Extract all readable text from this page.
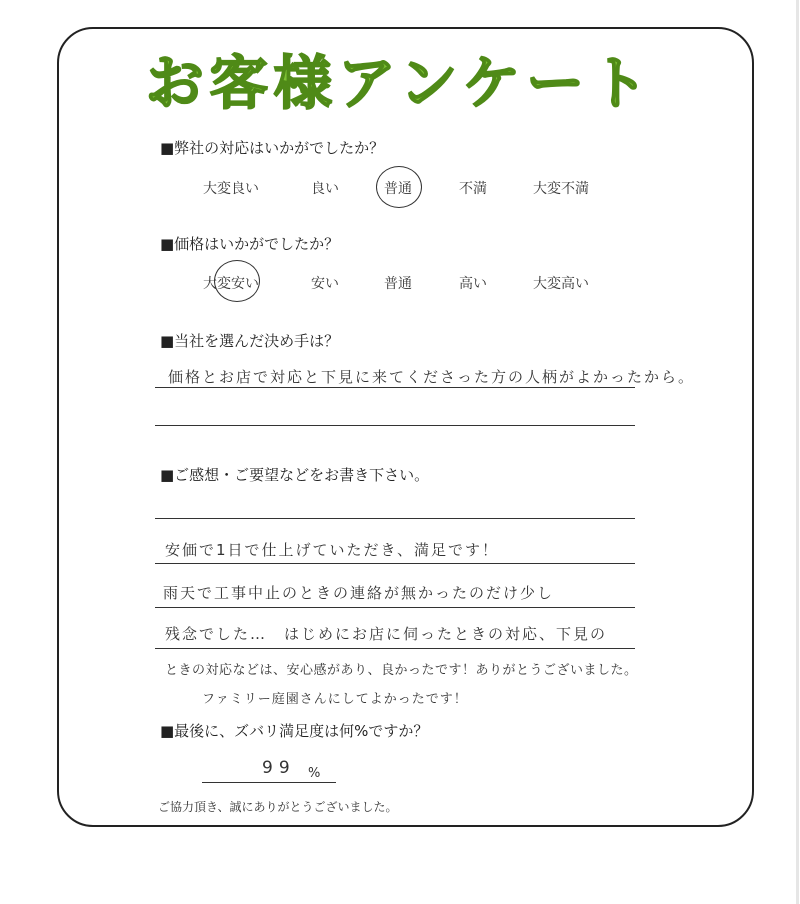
お客様アンケート
■弊社の対応はいかがでしたか？
大変良い	良い	普通	不満	大変不満
■価格はいかがでしたか？
大変安い	安い	普通	高い	大変高い
■当社を選んだ決め手は？
価格とお店で対応と下見に来てくださった方の人柄がよかったから。
■ご感想・ご要望などをお書き下さい。
安価で1日で仕上げていただき、満足です！
雨天で工事中止のときの連絡が無かったのだけ少し
残念でした…　はじめにお店に伺ったときの対応、下見の
ときの対応などは、安心感があり、良かったです！ありがとうございました。
ファミリー庭園さんにしてよかったです！
■最後に、ズバリ満足度は何%ですか？
99 %
ご協力頂き、誠にありがとうございました。
